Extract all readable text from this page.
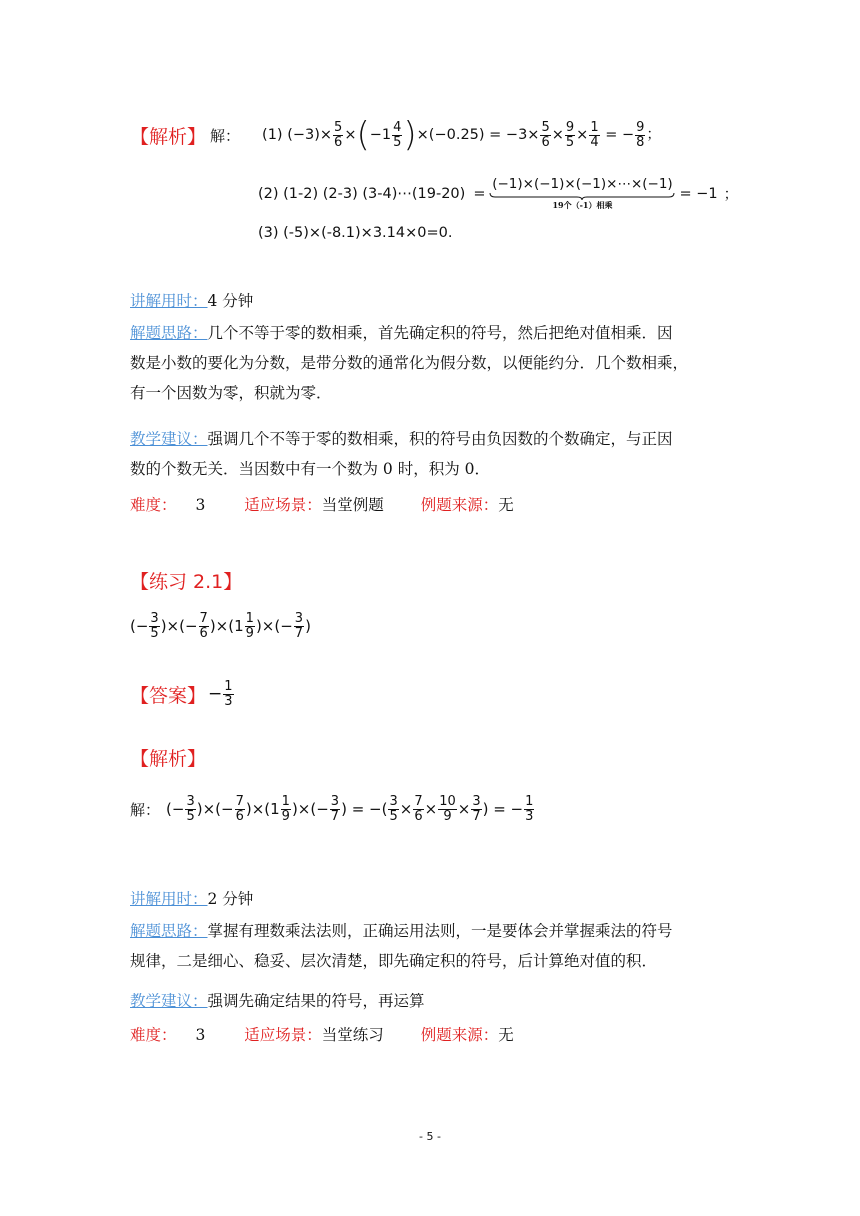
【解析】 解： (1) $(-3)\times \frac{5}{6} \times(-1 \frac{4}{5} )\times(-0.25) = -3\times \frac{5}{6} \times \frac{9}{5} \times \frac{1}{4}$ = − $\frac{9}{8}$ ；
(2) (1-2) (2-3) (3-4)⋯(19-20) =
(−1)×(−1)×(−1)×⋯×(−1)
19个（-1）相乘
= −1 ；
(3) (-5)×(-8.1)×3.14×0=0.
讲解用时：4 分钟
解题思路：几个不等于零的数相乘，首先确定积的符号，然后把绝对值相乘．因
数是小数的要化为分数，是带分数的通常化为假分数，以便能约分．几个数相乘，
有一个因数为零，积就为零．
教学建议：强调几个不等于零的数相乘，积的符号由负因数的个数确定，与正因
数的个数无关．当因数中有一个数为 0 时，积为 0．
难度： 3	适应场景：当堂例题 例题来源：无
【练习 2.1】
(− $\frac{3}{5}$ )×(− $\frac{7}{6} )\times(1 \frac{1}{9}$ )×(− $\frac{3}{7}$ )
【答案】 − $\frac{1}{3}$
【解析】
解： (− $\frac{3}{5}$ )×(− $\frac{7}{6} )\times(1 \frac{1}{9}$ )×(− $\frac{3}{7}$ ) = −( $\frac{3}{5} \times \frac{7}{6} \times \frac{10}{9} \times \frac{3}{7}$ ) = − $\frac{1}{3}$
讲解用时：2 分钟
解题思路：掌握有理数乘法法则，正确运用法则，一是要体会并掌握乘法的符号
规律，二是细心、稳妥、层次清楚，即先确定积的符号，后计算绝对值的积．
教学建议：强调先确定结果的符号，再运算
难度： 3	适应场景：当堂练习 例题来源：无
- 5 -
